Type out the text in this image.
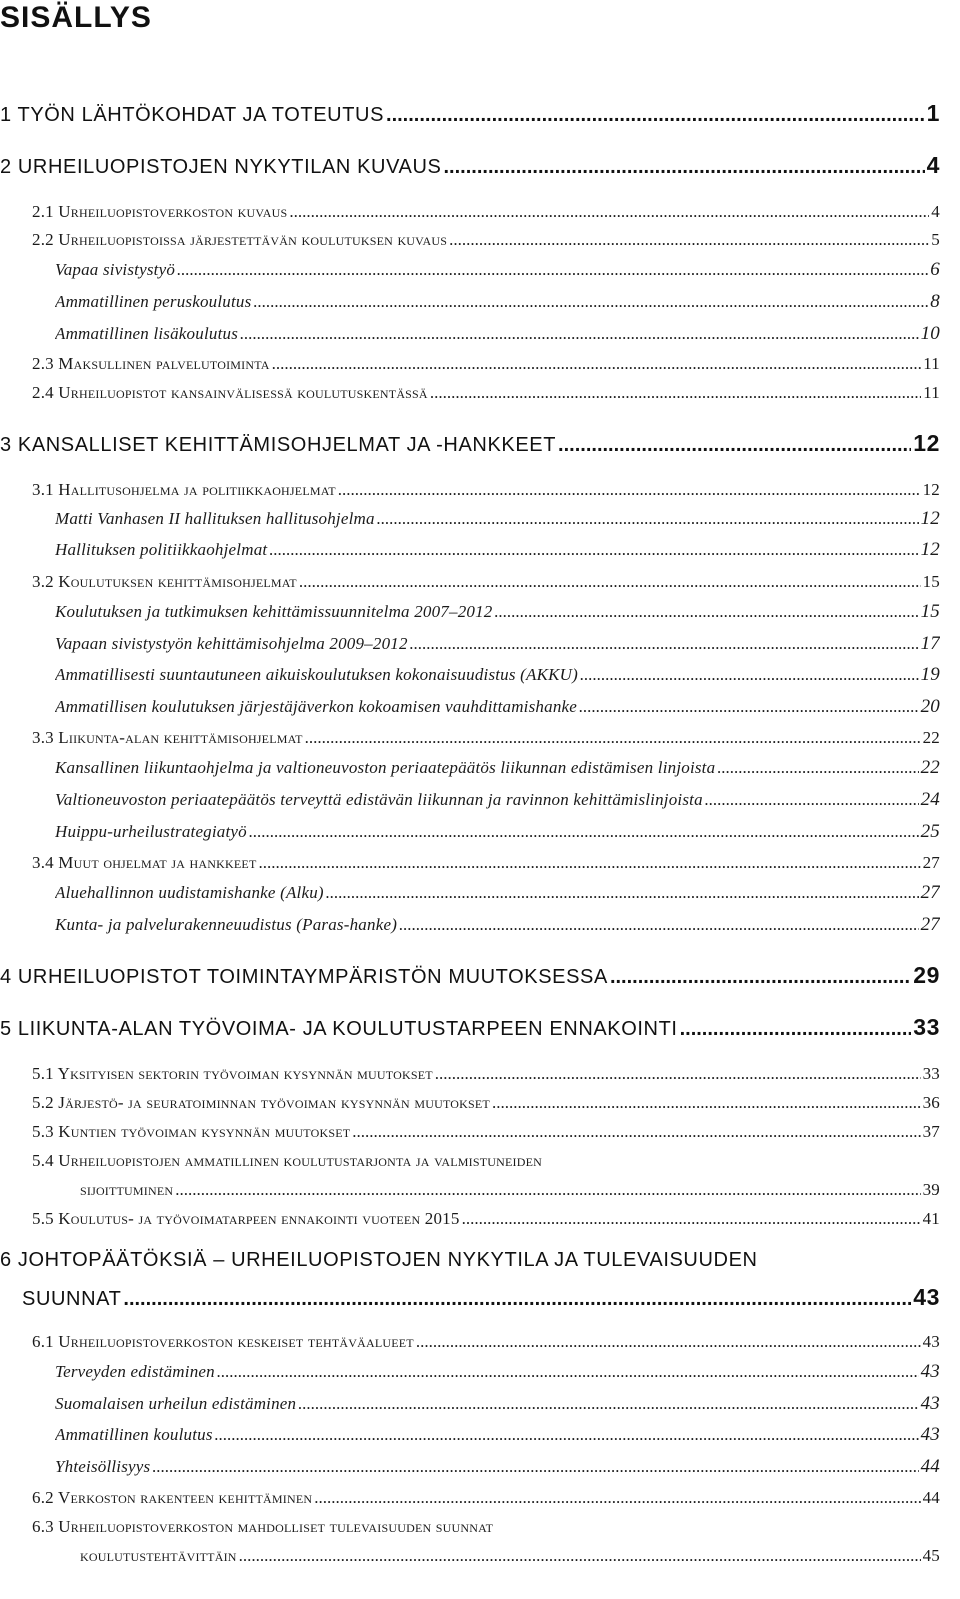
SISÄLLYS
1 TYÖN LÄHTÖKOHDAT JA TOTEUTUS .....	1
2 URHEILUOPISTOJEN NYKYTILAN KUVAUS .....	4
2.1 Urheiluopistoverkoston kuvaus .....	4
2.2 Urheiluopistoissa järjestettävän koulutuksen kuvaus .....	5
Vapaa sivistystyö .....	6
Ammatillinen peruskoulutus .....	8
Ammatillinen lisäkoulutus .....	10
2.3 Maksullinen palvelutoiminta .....	11
2.4 Urheiluopistot kansainvälisessä koulutuskentässä .....	11
3 KANSALLISET KEHITTÄMISOHJELMAT JA -HANKKEET .....	12
3.1 Hallitusohjelma ja politiikkaohjelmat .....	12
Matti Vanhasen II hallituksen hallitusohjelma .....	12
Hallituksen politiikkaohjelmat .....	12
3.2 Koulutuksen kehittämisohjelmat .....	15
Koulutuksen ja tutkimuksen kehittämissuunnitelma 2007–2012 .....	15
Vapaan sivistystyön kehittämisohjelma 2009–2012 .....	17
Ammatillisesti suuntautuneen aikuiskoulutuksen kokonaisuudistus (AKKU) .....	19
Ammatillisen koulutuksen järjestäjäverkon kokoamisen vauhdittamishanke .....	20
3.3 Liikunta-alan kehittämisohjelmat .....	22
Kansallinen liikuntaohjelma ja valtioneuvoston periaatepäätös liikunnan edistämisen linjoista .....	22
Valtioneuvoston periaatepäätös terveyttä edistävän liikunnan ja ravinnon kehittämislinjoista .....	24
Huippu-urheilustrategiatyö .....	25
3.4 Muut ohjelmat ja hankkeet .....	27
Aluehallinnon uudistamishanke (Alku) .....	27
Kunta- ja palvelurakenneuudistus (Paras-hanke) .....	27
4 URHEILUOPISTOT TOIMINTAYMPÄRISTÖN MUUTOKSESSA .....	29
5 LIIKUNTA-ALAN TYÖVOIMA- JA KOULUTUSTARPEEN ENNAKOINTI .....	33
5.1 Yksityisen sektorin työvoiman kysynnän muutokset .....	33
5.2 Järjestö- ja seuratoiminnan työvoiman kysynnän muutokset .....	36
5.3 Kuntien työvoiman kysynnän muutokset .....	37
5.4 Urheiluopistojen ammatillinen koulutustarjonta ja valmistuneiden
sijoittuminen .....	39
5.5 Koulutus- ja työvoimatarpeen ennakointi vuoteen 2015 .....	41
6 JOHTOPÄÄTÖKSIÄ – URHEILUOPISTOJEN NYKYTILA JA TULEVAISUUDEN
SUUNNAT .....	43
6.1 Urheiluopistoverkoston keskeiset tehtäväalueet .....	43
Terveyden edistäminen .....	43
Suomalaisen urheilun edistäminen .....	43
Ammatillinen koulutus .....	43
Yhteisöllisyys .....	44
6.2 Verkoston rakenteen kehittäminen .....	44
6.3 Urheiluopistoverkoston mahdolliset tulevaisuuden suunnat
koulutustehtävittäin .....	45
